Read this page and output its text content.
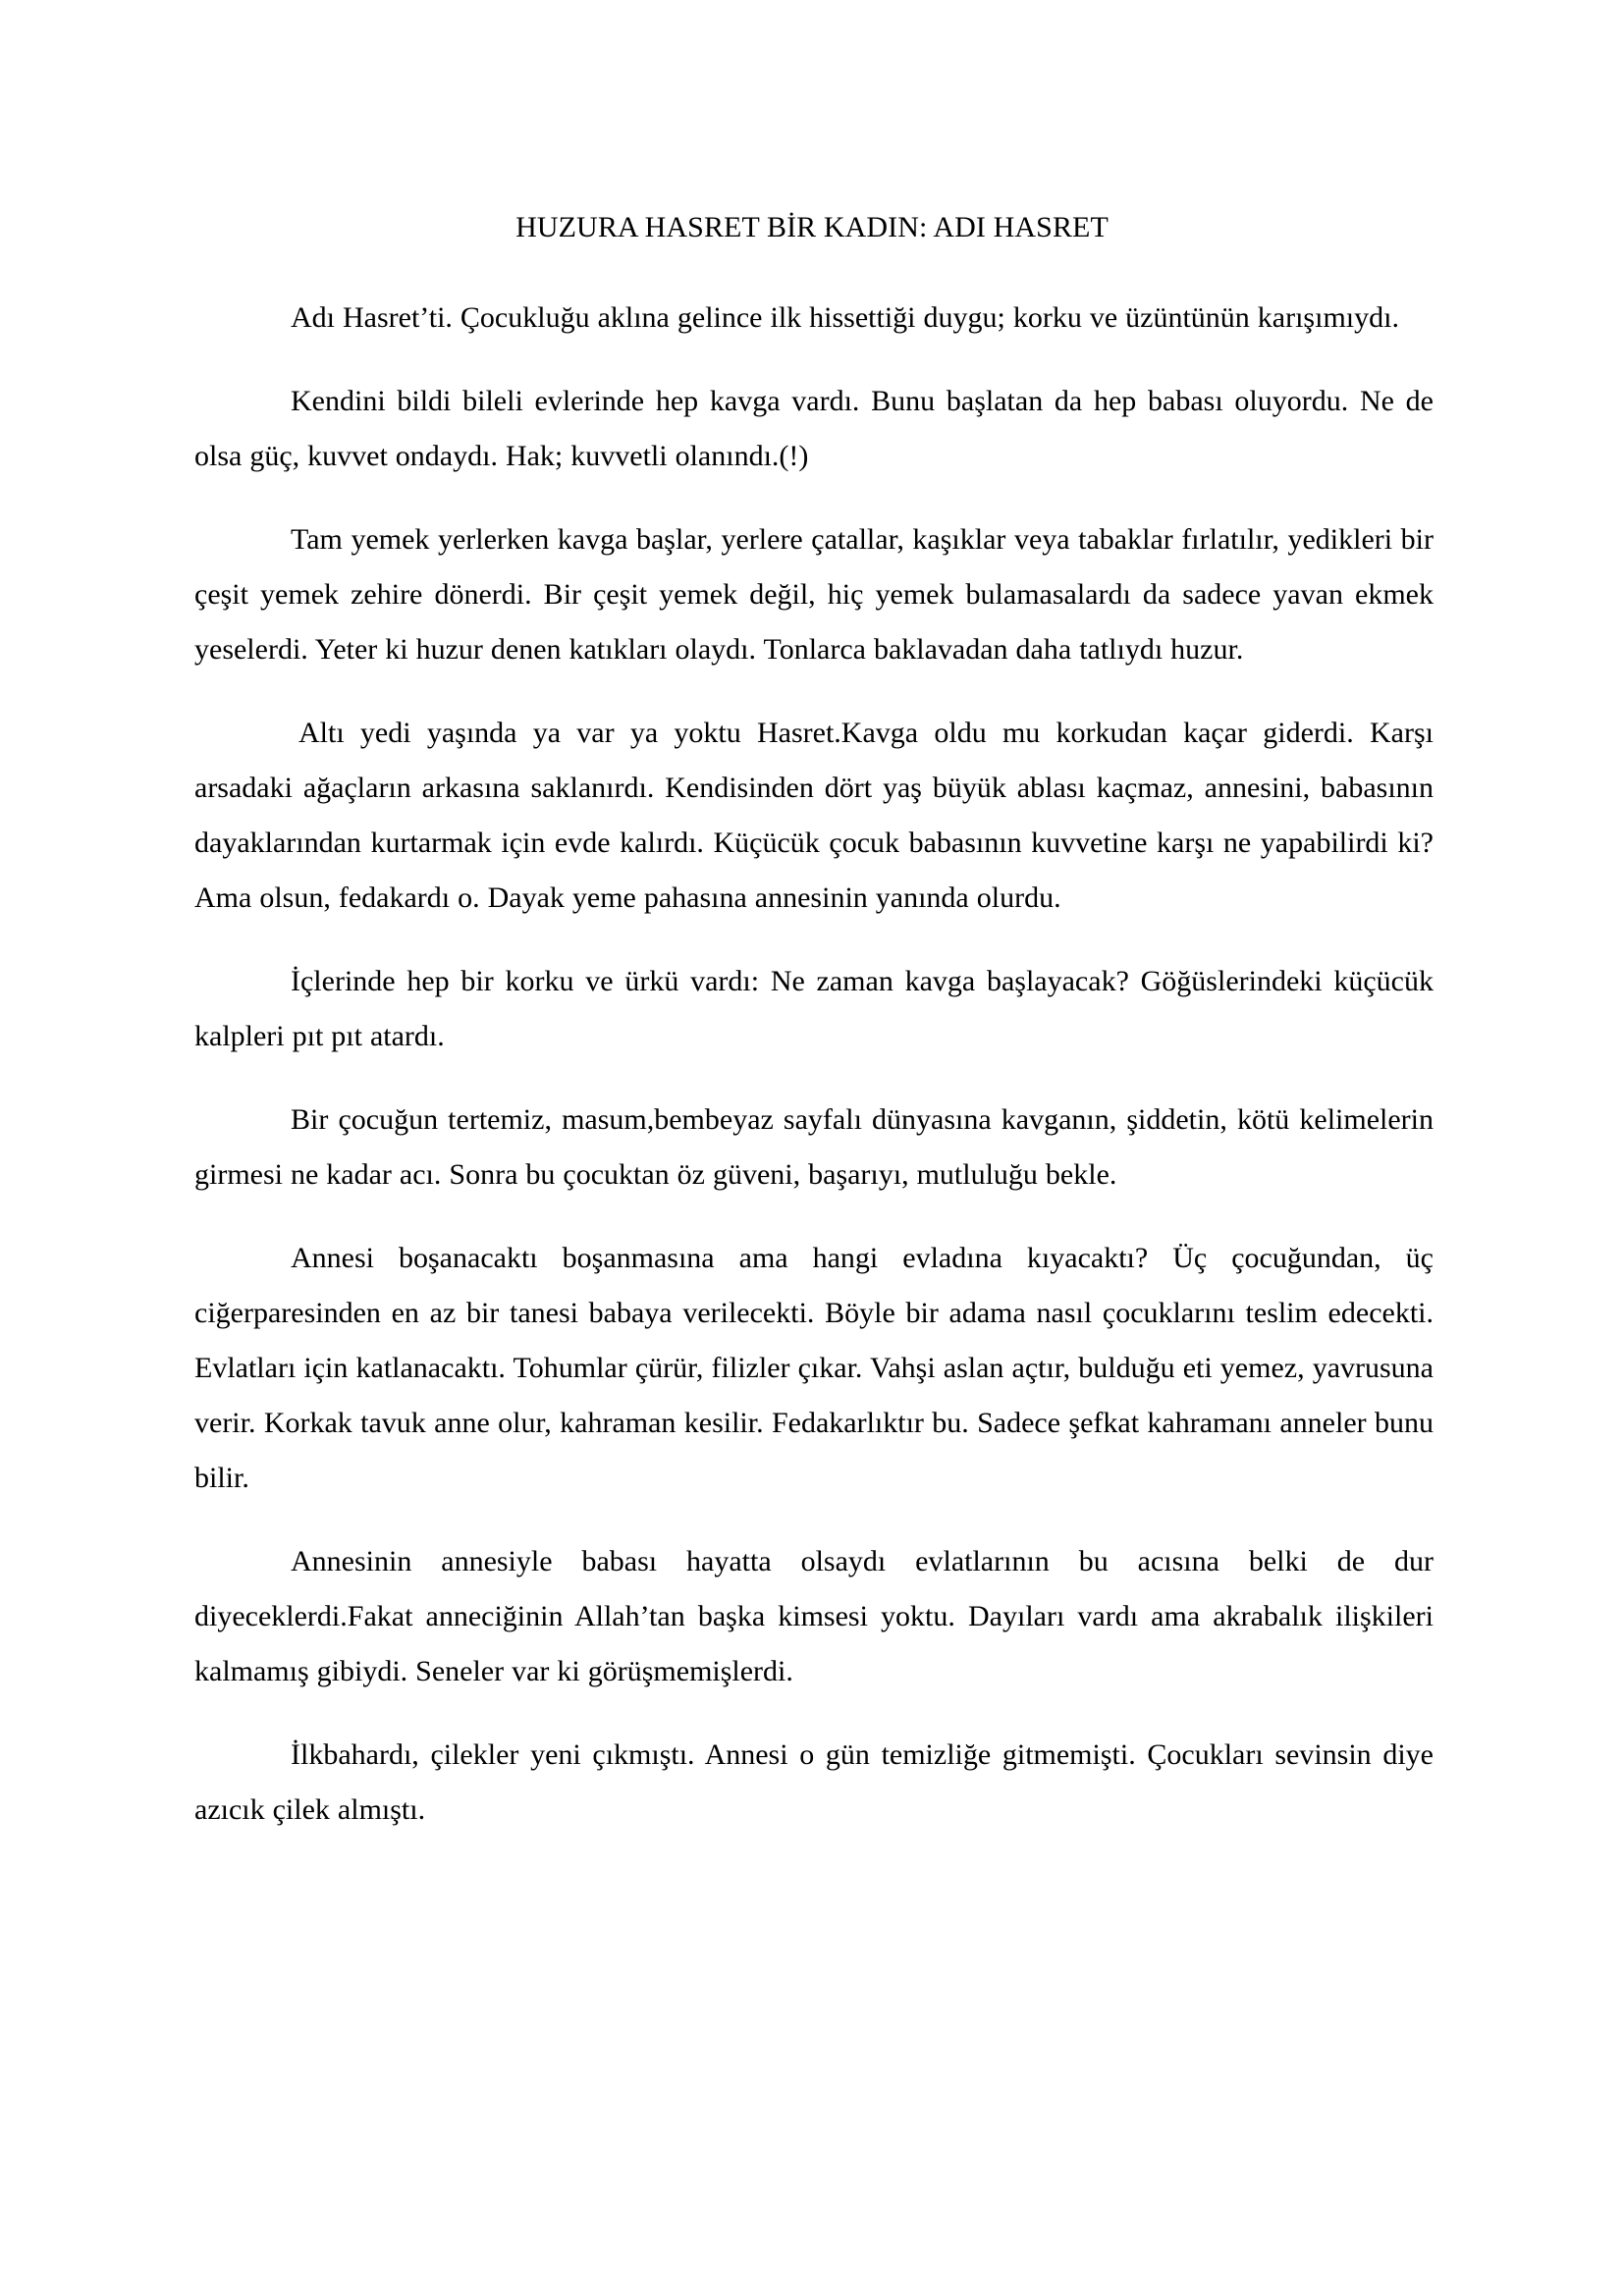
HUZURA HASRET BİR KADIN: ADI HASRET

Adı Hasret’ti. Çocukluğu aklına gelince ilk hissettiği duygu; korku ve üzüntünün karışımıydı.

Kendini bildi bileli evlerinde hep kavga vardı. Bunu başlatan da hep babası oluyordu. Ne de olsa güç, kuvvet ondaydı. Hak; kuvvetli olanındı.(!)

Tam yemek yerlerken kavga başlar, yerlere çatallar, kaşıklar veya tabaklar fırlatılır, yedikleri bir çeşit yemek zehire dönerdi. Bir çeşit yemek değil, hiç yemek bulamasalardı da sadece yavan ekmek yeselerdi. Yeter ki huzur denen katıkları olaydı. Tonlarca baklavadan daha tatlıydı huzur.

Altı yedi yaşında ya var ya yoktu Hasret.Kavga oldu mu korkudan kaçar giderdi. Karşı arsadaki ağaçların arkasına saklanırdı. Kendisinden dört yaş büyük ablası kaçmaz, annesini, babasının dayaklarından kurtarmak için evde kalırdı. Küçücük çocuk babasının kuvvetine karşı ne yapabilirdi ki? Ama olsun, fedakardı o. Dayak yeme pahasına annesinin yanında olurdu.

İçlerinde hep bir korku ve ürkü vardı: Ne zaman kavga başlayacak? Göğüslerindeki küçücük kalpleri pıt pıt atardı.

Bir çocuğun tertemiz, masum,bembeyaz sayfalı dünyasına kavganın, şiddetin, kötü kelimelerin girmesi ne kadar acı. Sonra bu çocuktan öz güveni, başarıyı, mutluluğu bekle.

Annesi boşanacaktı boşanmasına ama hangi evladına kıyacaktı? Üç çocuğundan, üç ciğerparesinden en az bir tanesi babaya verilecekti. Böyle bir adama nasıl çocuklarını teslim edecekti. Evlatları için katlanacaktı. Tohumlar çürür, filizler çıkar. Vahşi aslan açtır, bulduğu eti yemez, yavrusuna verir. Korkak tavuk anne olur, kahraman kesilir. Fedakarlıktır bu. Sadece şefkat kahramanı anneler bunu bilir.

Annesinin annesiyle babası hayatta olsaydı evlatlarının bu acısına belki de dur diyeceklerdi.Fakat anneciğinin Allah’tan başka kimsesi yoktu. Dayıları vardı ama akrabalık ilişkileri kalmamış gibiydi. Seneler var ki görüşmemişlerdi.

İlkbahardı, çilekler yeni çıkmıştı. Annesi o gün temizliğe gitmemişti. Çocukları sevinsin diye azıcık çilek almıştı.
